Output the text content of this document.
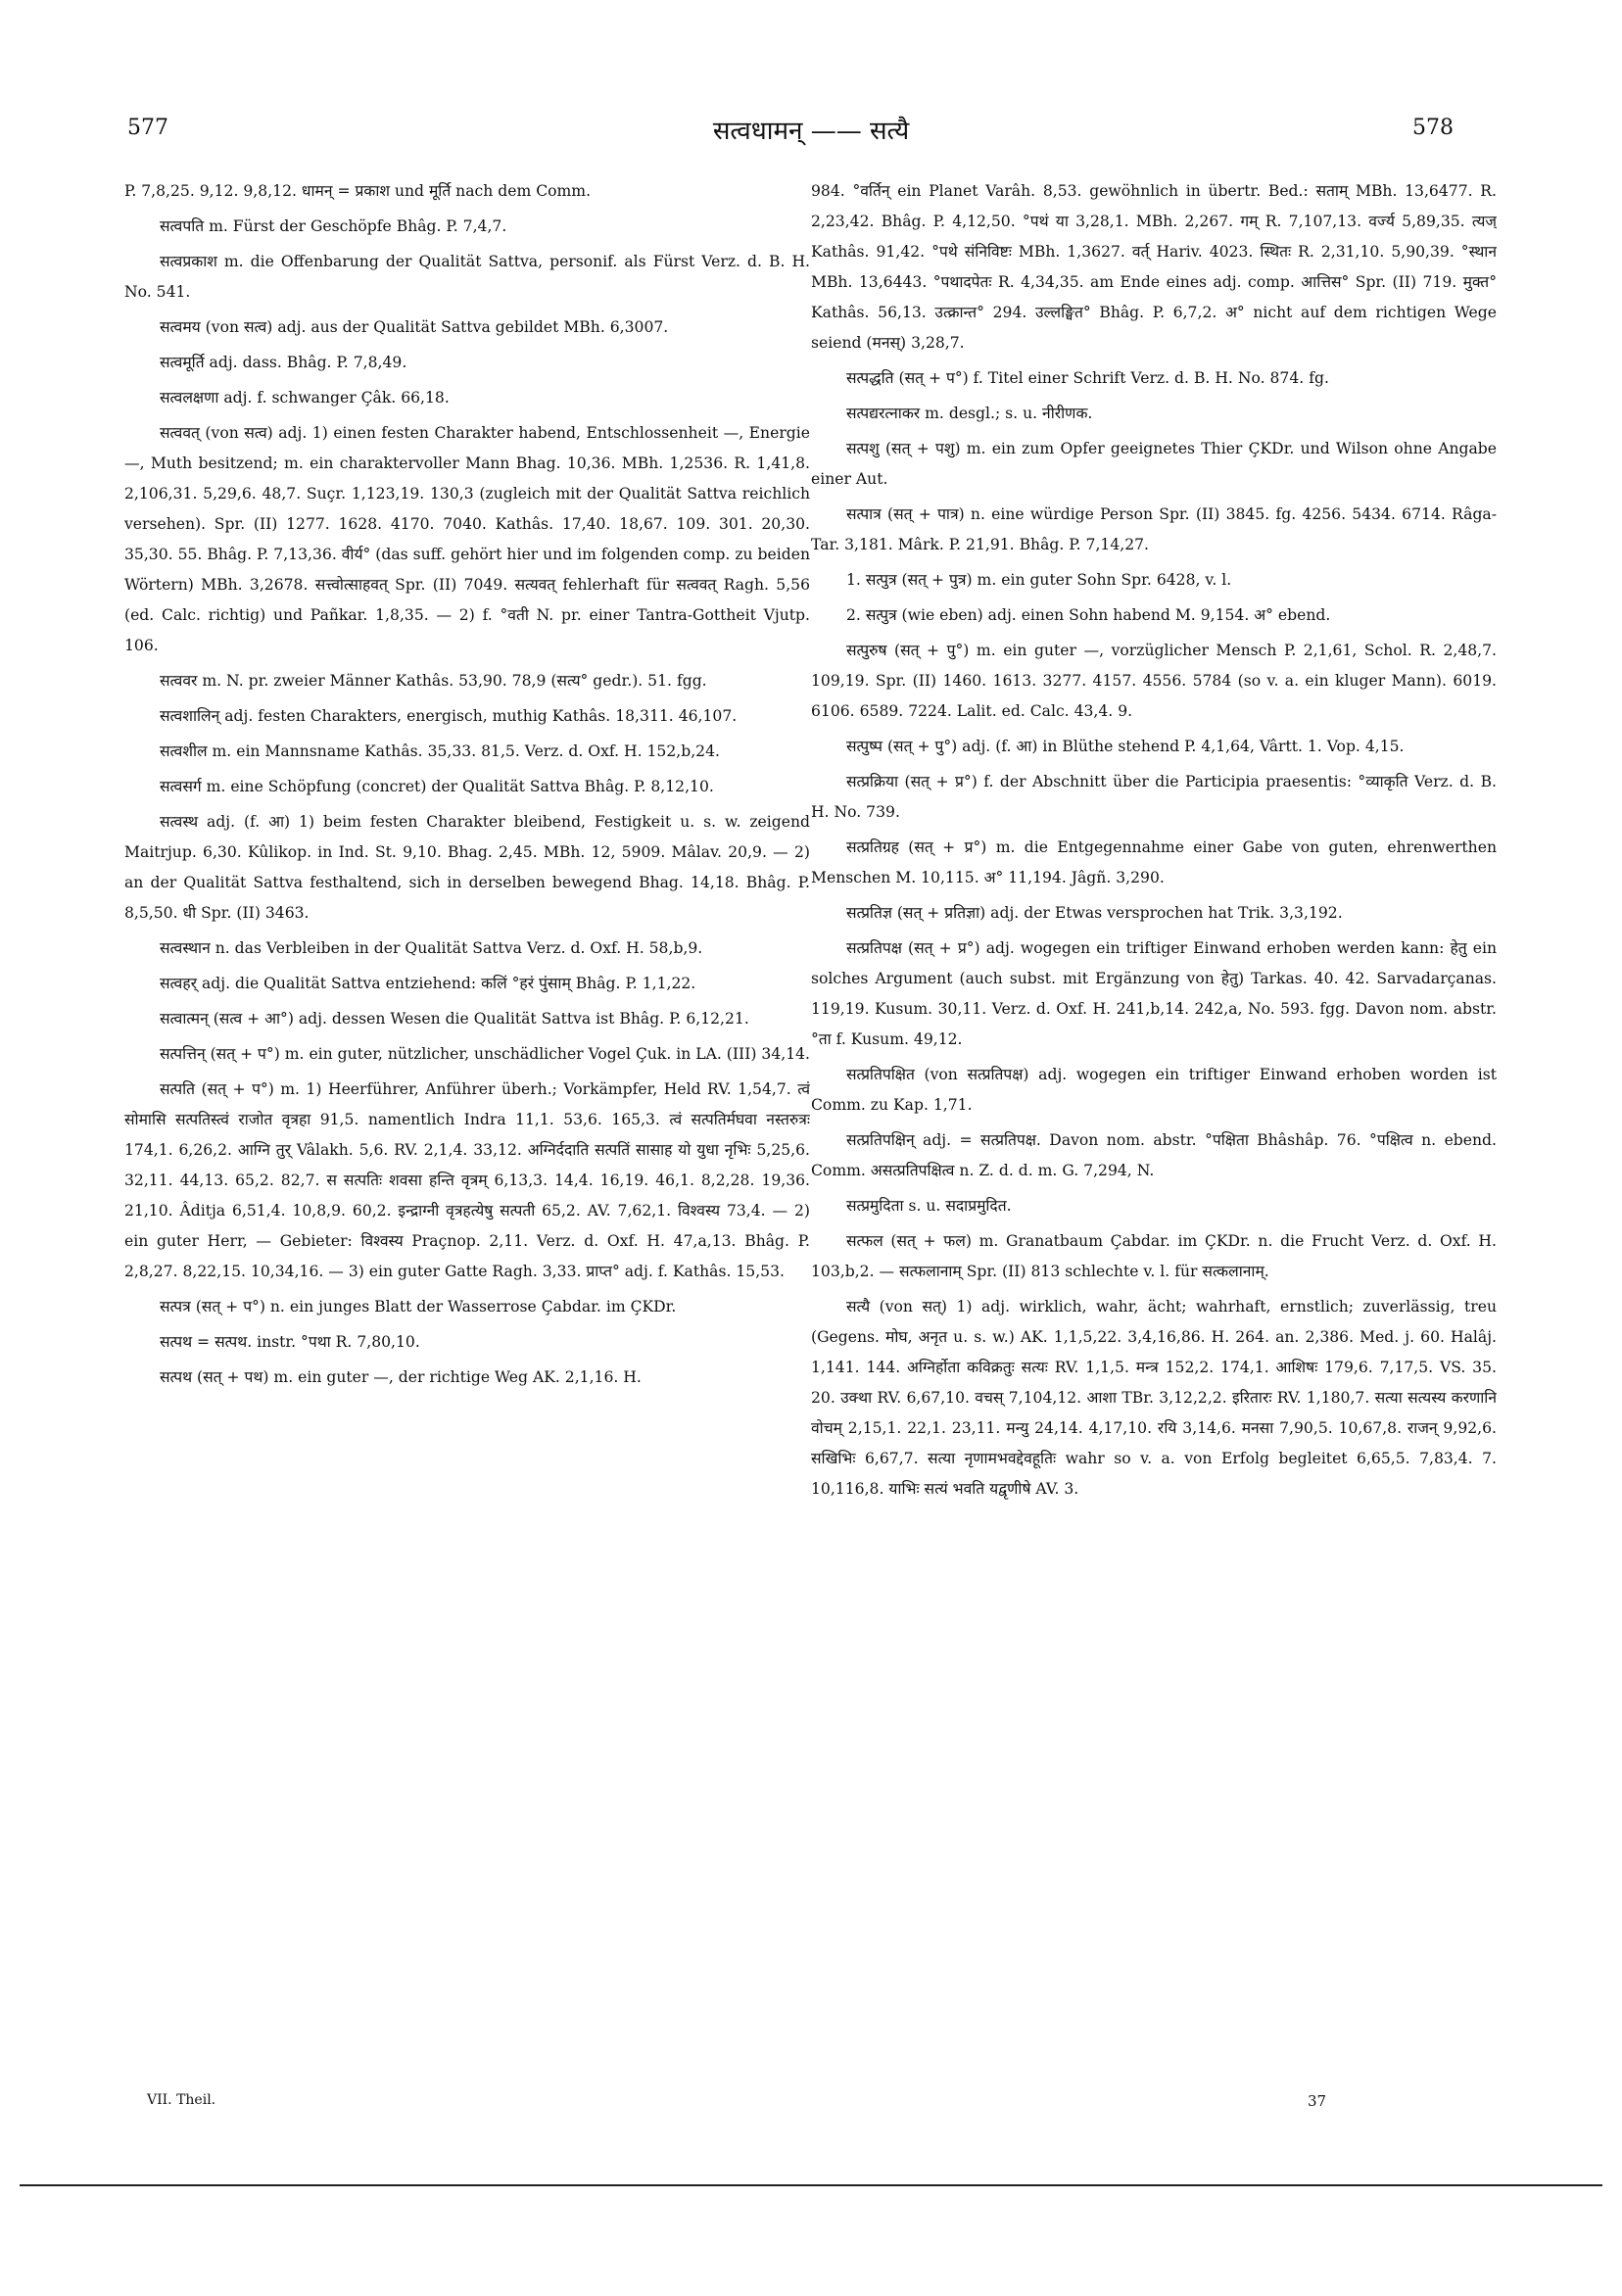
577	सत्वधामन् —— सत्यै	578

P. 7,8,25. 9,12. 9,8,12. धामन् = प्रकाश und मूर्ति nach dem Comm.

सत्वपति m. Fürst der Geschöpfe Bhâg. P. 7,4,7.

सत्वप्रकाश m. die Offenbarung der Qualität Sattva, personif. als Fürst Verz. d. B. H. No. 541.

सत्वमय (von सत्व) adj. aus der Qualität Sattva gebildet MBh. 6,3007.

सत्वमूर्ति adj. dass. Bhâg. P. 7,8,49.

सत्वलक्षणा adj. f. schwanger Çâk. 66,18.

सत्ववत् (von सत्व) adj. 1) einen festen Charakter habend, Entschlossenheit —, Energie —, Muth besitzend; m. ein charaktervoller Mann Bhag. 10,36. MBh. 1,2536. R. 1,41,8. 2,106,31. 5,29,6. 48,7. Suçr. 1,123,19. 130,3 (zugleich mit der Qualität Sattva reichlich versehen). Spr. (II) 1277. 1628. 4170. 7040. Kathâs. 17,40. 18,67. 109. 301. 20,30. 35,30. 55. Bhâg. P. 7,13,36. वीर्य° (das suff. gehört hier und im folgenden comp. zu beiden Wörtern) MBh. 3,2678. सत्त्वोत्साहवत् Spr. (II) 7049. सत्यवत् fehlerhaft für सत्ववत् Ragh. 5,56 (ed. Calc. richtig) und Pañkar. 1,8,35. — 2) f. °वती N. pr. einer Tantra-Gottheit Vjutp. 106.

सत्ववर m. N. pr. zweier Männer Kathâs. 53,90. 78,9 (सत्य° gedr.). 51. fgg.

सत्वशालिन् adj. festen Charakters, energisch, muthig Kathâs. 18,311. 46,107.

सत्वशील m. ein Mannsname Kathâs. 35,33. 81,5. Verz. d. Oxf. H. 152,b,24.

सत्वसर्ग m. eine Schöpfung (concret) der Qualität Sattva Bhâg. P. 8,12,10.

सत्वस्थ adj. (f. आ) 1) beim festen Charakter bleibend, Festigkeit u. s. w. zeigend Maitrjup. 6,30. Kûlikop. in Ind. St. 9,10. Bhag. 2,45. MBh. 12, 5909. Mâlav. 20,9. — 2) an der Qualität Sattva festhaltend, sich in derselben bewegend Bhag. 14,18. Bhâg. P. 8,5,50. धी Spr. (II) 3463.

सत्वस्थान n. das Verbleiben in der Qualität Sattva Verz. d. Oxf. H. 58,b,9.

सत्वहर् adj. die Qualität Sattva entziehend: कलिं °हरं पुंसाम् Bhâg. P. 1,1,22.

सत्वात्मन् (सत्व + आ°) adj. dessen Wesen die Qualität Sattva ist Bhâg. P. 6,12,21.

सत्पत्तिन् (सत् + प°) m. ein guter, nützlicher, unschädlicher Vogel Çuk. in LA. (III) 34,14.

सत्पति (सत् + प°) m. 1) Heerführer, Anführer überh.; Vorkämpfer, Held RV. 1,54,7. त्वं सोमासि सत्पतिस्त्वं राजोत वृत्रहा 91,5. namentlich Indra 11,1. 53,6. 165,3. त्वं सत्पतिर्मघवा नस्तरुत्रः 174,1. 6,26,2. आग्नि तुर् Vâlakh. 5,6. RV. 2,1,4. 33,12. अग्निर्ददाति सत्पतिं सासाह यो युधा नृभिः 5,25,6. 32,11. 44,13. 65,2. 82,7. स सत्पतिः शवसा हन्ति वृत्रम् 6,13,3. 14,4. 16,19. 46,1. 8,2,28. 19,36. 21,10. Âditja 6,51,4. 10,8,9. 60,2. इन्द्राग्नी वृत्रहत्येषु सत्पती 65,2. AV. 7,62,1. विश्वस्य 73,4. — 2) ein guter Herr, — Gebieter: विश्वस्य Praçnop. 2,11. Verz. d. Oxf. H. 47,a,13. Bhâg. P. 2,8,27. 8,22,15. 10,34,16. — 3) ein guter Gatte Ragh. 3,33. प्राप्त° adj. f. Kathâs. 15,53.

सत्पत्र (सत् + प°) n. ein junges Blatt der Wasserrose Çabdar. im ÇKDr.

सत्पथ = सत्पथ. instr. °पथा R. 7,80,10.

सत्पथ (सत् + पथ) m. ein guter —, der richtige Weg AK. 2,1,16. H.

984. °वर्तिन् ein Planet Varâh. 8,53. gewöhnlich in übertr. Bed.: सताम् MBh. 13,6477. R. 2,23,42. Bhâg. P. 4,12,50. °पथं या 3,28,1. MBh. 2,267. गम् R. 7,107,13. वर्ज्य 5,89,35. त्यज् Kathâs. 91,42. °पथे संनिविष्टः MBh. 1,3627. वर्त् Hariv. 4023. स्थितः R. 2,31,10. 5,90,39. °स्थान MBh. 13,6443. °पथादपेतः R. 4,34,35. am Ende eines adj. comp. आत्तिस° Spr. (II) 719. मुक्त° Kathâs. 56,13. उत्क्रान्त° 294. उल्लङ्घित° Bhâg. P. 6,7,2. अ° nicht auf dem richtigen Wege seiend (मनस्) 3,28,7.

सत्पद्धति (सत् + प°) f. Titel einer Schrift Verz. d. B. H. No. 874. fg.

सत्पद्यरत्नाकर m. desgl.; s. u. नीरीणक.

सत्पशु (सत् + पशु) m. ein zum Opfer geeignetes Thier ÇKDr. und Wilson ohne Angabe einer Aut.

सत्पात्र (सत् + पात्र) n. eine würdige Person Spr. (II) 3845. fg. 4256. 5434. 6714. Râga-Tar. 3,181. Mârk. P. 21,91. Bhâg. P. 7,14,27.

1. सत्पुत्र (सत् + पुत्र) m. ein guter Sohn Spr. 6428, v. l.

2. सत्पुत्र (wie eben) adj. einen Sohn habend M. 9,154. अ° ebend.

सत्पुरुष (सत् + पु°) m. ein guter —, vorzüglicher Mensch P. 2,1,61, Schol. R. 2,48,7. 109,19. Spr. (II) 1460. 1613. 3277. 4157. 4556. 5784 (so v. a. ein kluger Mann). 6019. 6106. 6589. 7224. Lalit. ed. Calc. 43,4. 9.

सत्पुष्प (सत् + पु°) adj. (f. आ) in Blüthe stehend P. 4,1,64, Vârtt. 1. Vop. 4,15.

सत्प्रक्रिया (सत् + प्र°) f. der Abschnitt über die Participia praesentis: °व्याकृति Verz. d. B. H. No. 739.

सत्प्रतिग्रह (सत् + प्र°) m. die Entgegennahme einer Gabe von guten, ehrenwerthen Menschen M. 10,115. अ° 11,194. Jâgñ. 3,290.

सत्प्रतिज्ञ (सत् + प्रतिज्ञा) adj. der Etwas versprochen hat Trik. 3,3,192.

सत्प्रतिपक्ष (सत् + प्र°) adj. wogegen ein triftiger Einwand erhoben werden kann: हेतु ein solches Argument (auch subst. mit Ergänzung von हेतु) Tarkas. 40. 42. Sarvadarçanas. 119,19. Kusum. 30,11. Verz. d. Oxf. H. 241,b,14. 242,a, No. 593. fgg. Davon nom. abstr. °ता f. Kusum. 49,12.

सत्प्रतिपक्षित (von सत्प्रतिपक्ष) adj. wogegen ein triftiger Einwand erhoben worden ist Comm. zu Kap. 1,71.

सत्प्रतिपक्षिन् adj. = सत्प्रतिपक्ष. Davon nom. abstr. °पक्षिता Bhâshâp. 76. °पक्षित्व n. ebend. Comm. असत्प्रतिपक्षित्व n. Z. d. d. m. G. 7,294, N.

सत्प्रमुदिता s. u. सदाप्रमुदित.

सत्फल (सत् + फल) m. Granatbaum Çabdar. im ÇKDr. n. die Frucht Verz. d. Oxf. H. 103,b,2. — सत्फलानाम् Spr. (II) 813 schlechte v. l. für सत्कलानाम्.

सत्यै (von सत्) 1) adj. wirklich, wahr, ächt; wahrhaft, ernstlich; zuverlässig, treu (Gegens. मोघ, अनृत u. s. w.) AK. 1,1,5,22. 3,4,16,86. H. 264. an. 2,386. Med. j. 60. Halâj. 1,141. 144. अग्निर्होता कविक्रतुः सत्यः RV. 1,1,5. मन्त्र 152,2. 174,1. आशिषः 179,6. 7,17,5. VS. 35. 20. उक्था RV. 6,67,10. वचस् 7,104,12. आशा TBr. 3,12,2,2. इरितारः RV. 1,180,7. सत्या सत्यस्य करणानि वोचम् 2,15,1. 22,1. 23,11. मन्यु 24,14. 4,17,10. रयि 3,14,6. मनसा 7,90,5. 10,67,8. राजन् 9,92,6. सखिभिः 6,67,7. सत्या नृणामभवद्देवहूतिः wahr so v. a. von Erfolg begleitet 6,65,5. 7,83,4. 7. 10,116,8. याभिः सत्यं भवति यद्वृणीषे AV. 3.

VII. Theil.	37
